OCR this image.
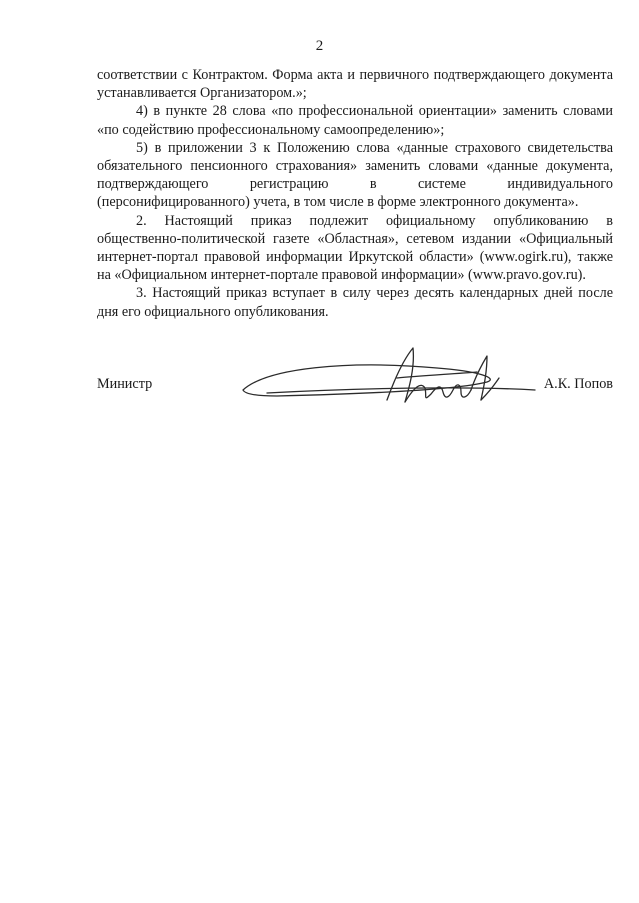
2

соответствии с Контрактом. Форма акта и первичного подтверждающего документа устанавливается Организатором.»;

4) в пункте 28 слова «по профессиональной ориентации» заменить словами «по содействию профессиональному самоопределению»;

5) в приложении 3 к Положению слова «данные страхового свидетельства обязательного пенсионного страхования» заменить словами «данные документа, подтверждающего регистрацию в системе индивидуального (персонифицированного) учета, в том числе в форме электронного документа».

2. Настоящий приказ подлежит официальному опубликованию в общественно-политической газете «Областная», сетевом издании «Официальный интернет-портал правовой информации Иркутской области» (www.ogirk.ru), также на «Официальном интернет-портале правовой информации» (www.pravo.gov.ru).

3. Настоящий приказ вступает в силу через десять календарных дней после дня его официального опубликования.

Министр	А.К. Попов
